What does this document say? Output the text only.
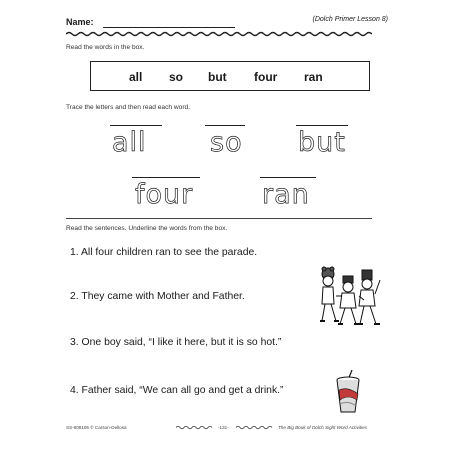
Name:	(Dolch Primer Lesson 8)
Read the words in the box.
all so but four ran
Trace the letters and then read each word.
all so but
four	ran
Read the sentences. Underline the words from the box.
1. All four children ran to see the parade.
2. They came with Mother and Father.
3. One boy said, “I like it here, but it is so hot.”
4. Father said, “We can all go and get a drink.”
SS-808105 © Carson-Dellosa	-131-	The Big Book of Dolch Sight Word Activities
